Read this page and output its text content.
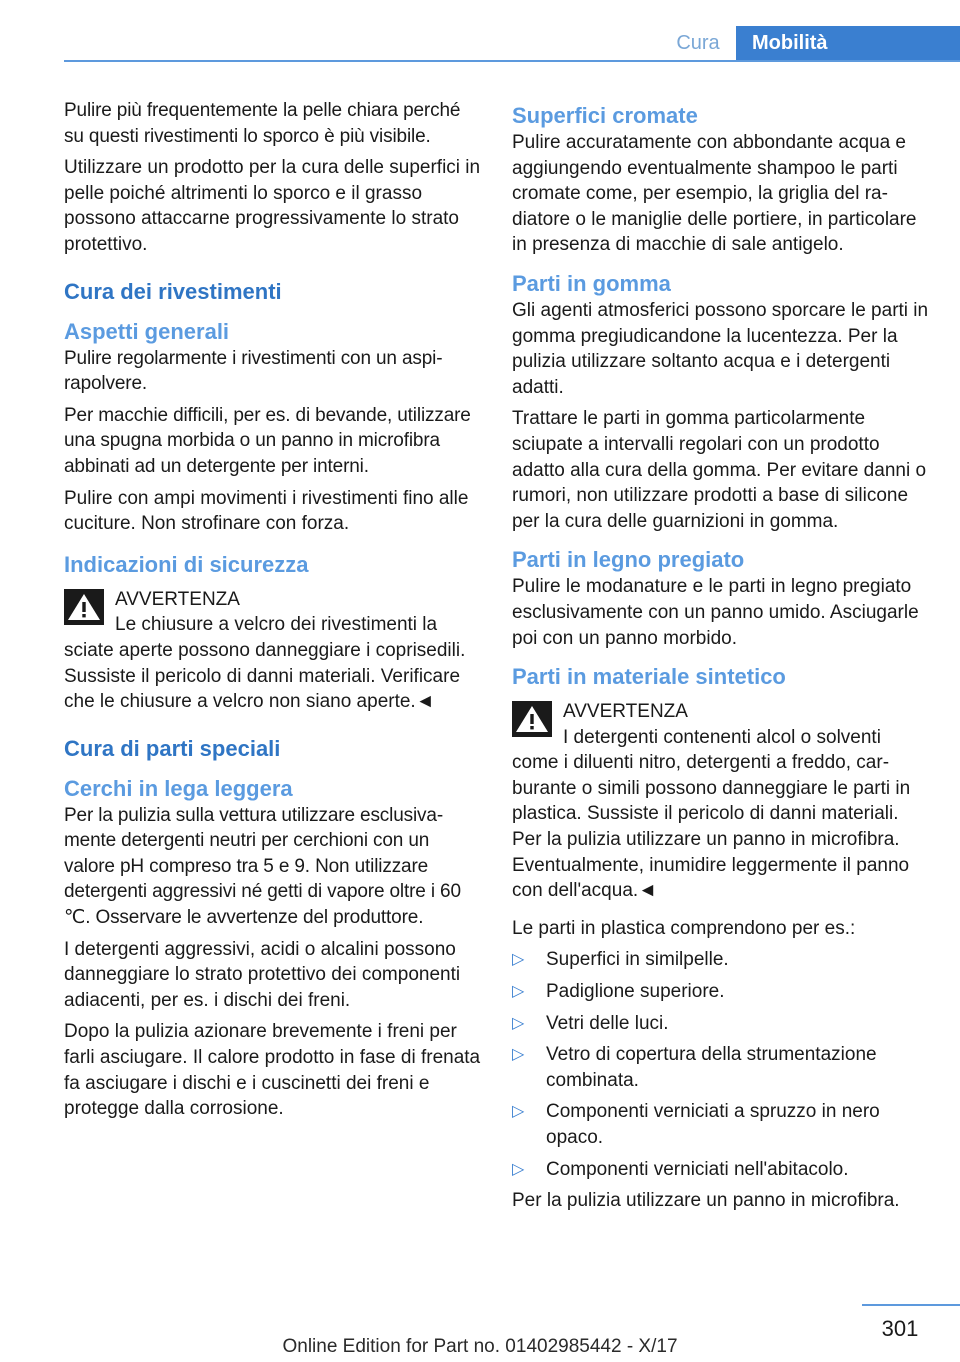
Cura	Mobilità

Pulire più frequentemente la pelle chiara perché su questi rivestimenti lo sporco è più visibile.

Utilizzare un prodotto per la cura delle superfici in pelle poiché altrimenti lo sporco e il grasso possono attaccarne progressivamente lo strato protettivo.

Cura dei rivestimenti
Aspetti generali

Pulire regolarmente i rivestimenti con un aspirapolvere.

Per macchie difficili, per es. di bevande, utilizzare una spugna morbida o un panno in microfibra abbinati ad un detergente per interni.

Pulire con ampi movimenti i rivestimenti fino alle cuciture. Non strofinare con forza.

Indicazioni di sicurezza
AVVERTENZA
Le chiusure a velcro dei rivestimenti la
sciate aperte possono danneggiare i coprisedili. Sussiste il pericolo di danni materiali. Verificare che le chiusure a velcro non siano aperte.◄
Cura di parti speciali
Cerchi in lega leggera

Per la pulizia sulla vettura utilizzare esclusivamente detergenti neutri per cerchioni con un valore pH compreso tra 5 e 9. Non utilizzare detergenti aggressivi né getti di vapore oltre i 60 ℃. Osservare le avvertenze del produttore.

I detergenti aggressivi, acidi o alcalini possono danneggiare lo strato protettivo dei componenti adiacenti, per es. i dischi dei freni.

Dopo la pulizia azionare brevemente i freni per farli asciugare. Il calore prodotto in fase di frenata fa asciugare i dischi e i cuscinetti dei freni e protegge dalla corrosione.

Superfici cromate

Pulire accuratamente con abbondante acqua e aggiungendo eventualmente shampoo le parti cromate come, per esempio, la griglia del radiatore o le maniglie delle portiere, in particolare in presenza di macchie di sale antigelo.

Parti in gomma

Gli agenti atmosferici possono sporcare le parti in gomma pregiudicandone la lucentezza. Per la pulizia utilizzare soltanto acqua e i detergenti adatti.

Trattare le parti in gomma particolarmente sciupate a intervalli regolari con un prodotto adatto alla cura della gomma. Per evitare danni o rumori, non utilizzare prodotti a base di silicone per la cura delle guarnizioni in gomma.

Parti in legno pregiato

Pulire le modanature e le parti in legno pregiato esclusivamente con un panno umido. Asciugarle poi con un panno morbido.

Parti in materiale sintetico
AVVERTENZA
I detergenti contenenti alcol o solventi
come i diluenti nitro, detergenti a freddo, carburante o simili possono danneggiare le parti in plastica. Sussiste il pericolo di danni materiali. Per la pulizia utilizzare un panno in microfibra. Eventualmente, inumidire leggermente il panno con dell'acqua.◄

Le parti in plastica comprendono per es.:

▷ Superfici in similpelle.
▷ Padiglione superiore.
▷ Vetri delle luci.
▷ Vetro di copertura della strumentazione combinata.
▷ Componenti verniciati a spruzzo in nero opaco.
▷ Componenti verniciati nell'abitacolo.

Per la pulizia utilizzare un panno in microfibra.

301
Online Edition for Part no. 01402985442 - X/17
